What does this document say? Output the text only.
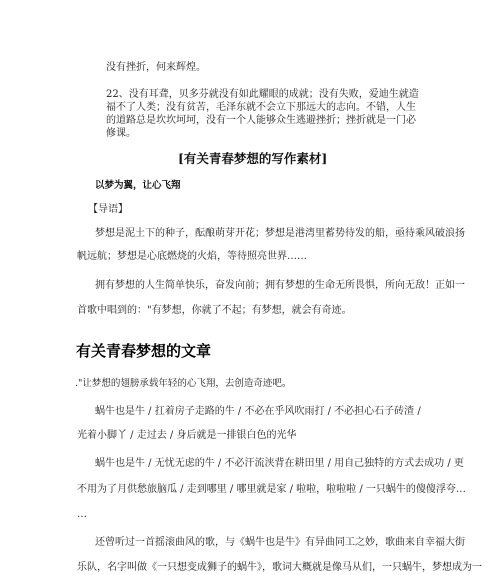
没有挫折，何来辉煌。
22、没有耳聋，贝多芬就没有如此耀眼的成就；没有失败，爱迪生就造
福不了人类；没有贫苦，毛泽东就不会立下那远大的志向。不错，人生
的道路总是坎坎坷坷，没有一个人能够众生逃避挫折；挫折就是一门必
修课。
[有关青春梦想的写作素材]
以梦为翼，让心飞翔
【导语】
梦想是泥土下的种子，酝酿萌芽开花；梦想是港湾里蓄势待发的船，亟待乘风破浪扬
帆远航；梦想是心底燃烧的火焰，等待照亮世界……
拥有梦想的人生简单快乐，奋发向前；拥有梦想的生命无所畏惧，所向无敌！正如一
首歌中唱到的："有梦想，你就了不起；有梦想，就会有奇迹。
有关青春梦想的文章
."让梦想的翅膀承载年轻的心飞翔，去创造奇迹吧。
蜗牛也是牛 / 扛着房子走路的牛 / 不必在乎风吹雨打 / 不必担心石子砖渣 /
光着小脚丫 / 走过去 / 身后就是一排银白色的光华
蜗牛也是牛 / 无忧无虑的牛 / 不必汗流浃背在耕田里 / 用自己独特的方式去成功 / 更
不用为了月供愁旅脑瓜 / 走到哪里 / 哪里就是家 / 啦啦，啦啦啦 / 一只蜗牛的傻傻浮夸…
…
还曾听过一首摇滚曲风的歌，与《蜗牛也是牛》有异曲同工之妙，歌曲来自幸福大街
乐队，名字叫做《一只想变成狮子的蜗牛》，歌词大概就是像马从们，一只蜗牛，梦想成为一
